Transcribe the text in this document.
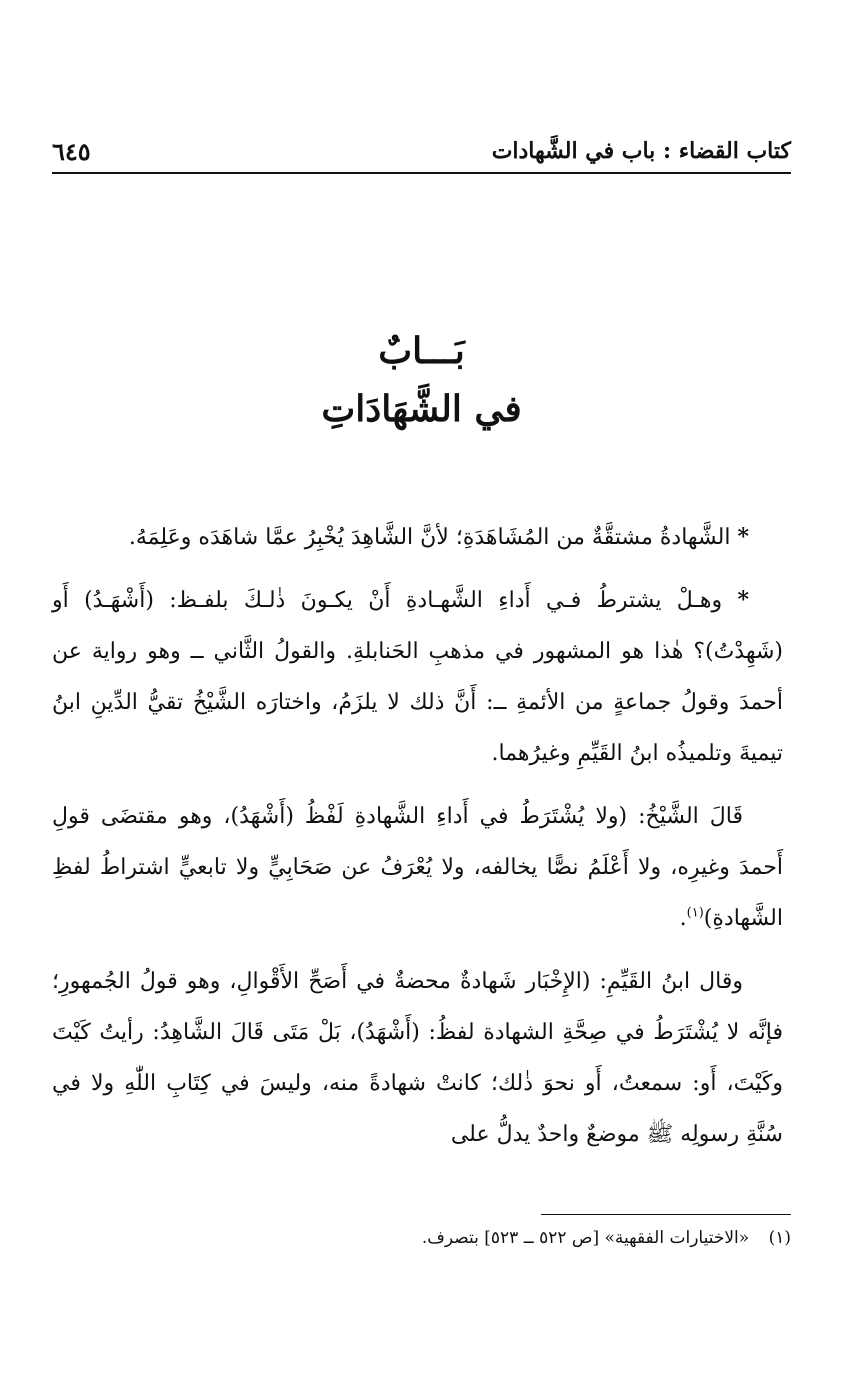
كتاب القضاء : باب في الشَّهادات
٦٤٥
بَـــابٌ
في الشَّهَادَاتِ

* الشَّهادةُ مشتقَّةٌ من المُشَاهَدَةِ؛ لأنَّ الشَّاهِدَ يُخْبِرُ عمَّا شاهَدَه وعَلِمَهُ.

* وهـلْ يشترطُ فـي أَداءِ الشَّهـادةِ أَنْ يكـونَ ذٰلـكَ بلفـظ: (أَشْهَـدُ) أَو (شَهِدْتُ)؟ هٰذا هو المشهور في مذهبِ الحَنابلةِ. والقولُ الثَّاني ــ وهو رواية عن أحمدَ وقولُ جماعةٍ من الأئمةِ ــ: أَنَّ ذلك لا يلزَمُ، واختارَه الشَّيْخُ تقيُّ الدِّينِ ابنُ تيميةَ وتلميذُه ابنُ القَيِّمِ وغيرُهما.

قَالَ الشَّيْخُ: (ولا يُشْتَرَطُ في أَداءِ الشَّهادةِ لَفْظُ (أَشْهَدُ)، وهو مقتضَى قولِ أَحمدَ وغيرِه، ولا أَعْلَمُ نصًّا يخالفه، ولا يُعْرَفُ عن صَحَابِيٍّ ولا تابعيٍّ اشتراطُ لفظِ الشَّهادةِ)$^{(١)}$.

وقال ابنُ القَيِّمِ: (الإِخْبَار شَهادةٌ محضةٌ في أَصَحِّ الأَقْوالِ، وهو قولُ الجُمهورِ؛ فإنَّه لا يُشْتَرَطُ في صِحَّةِ الشهادة لفظُ: (أَشْهَدُ)، بَلْ مَتَى قَالَ الشَّاهِدُ: رأيتُ كَيْتَ وكَيْتَ، أَو: سمعتُ، أَو نحوَ ذٰلك؛ كانتْ شهادةً منه، وليسَ في كِتَابِ اللّٰهِ ولا في سُنَّةِ رسولِه ﷺ موضعٌ واحدٌ يدلُّ على

(١) «الاختيارات الفقهية» [ص ٥٢٢ ــ ٥٢٣] بتصرف.
